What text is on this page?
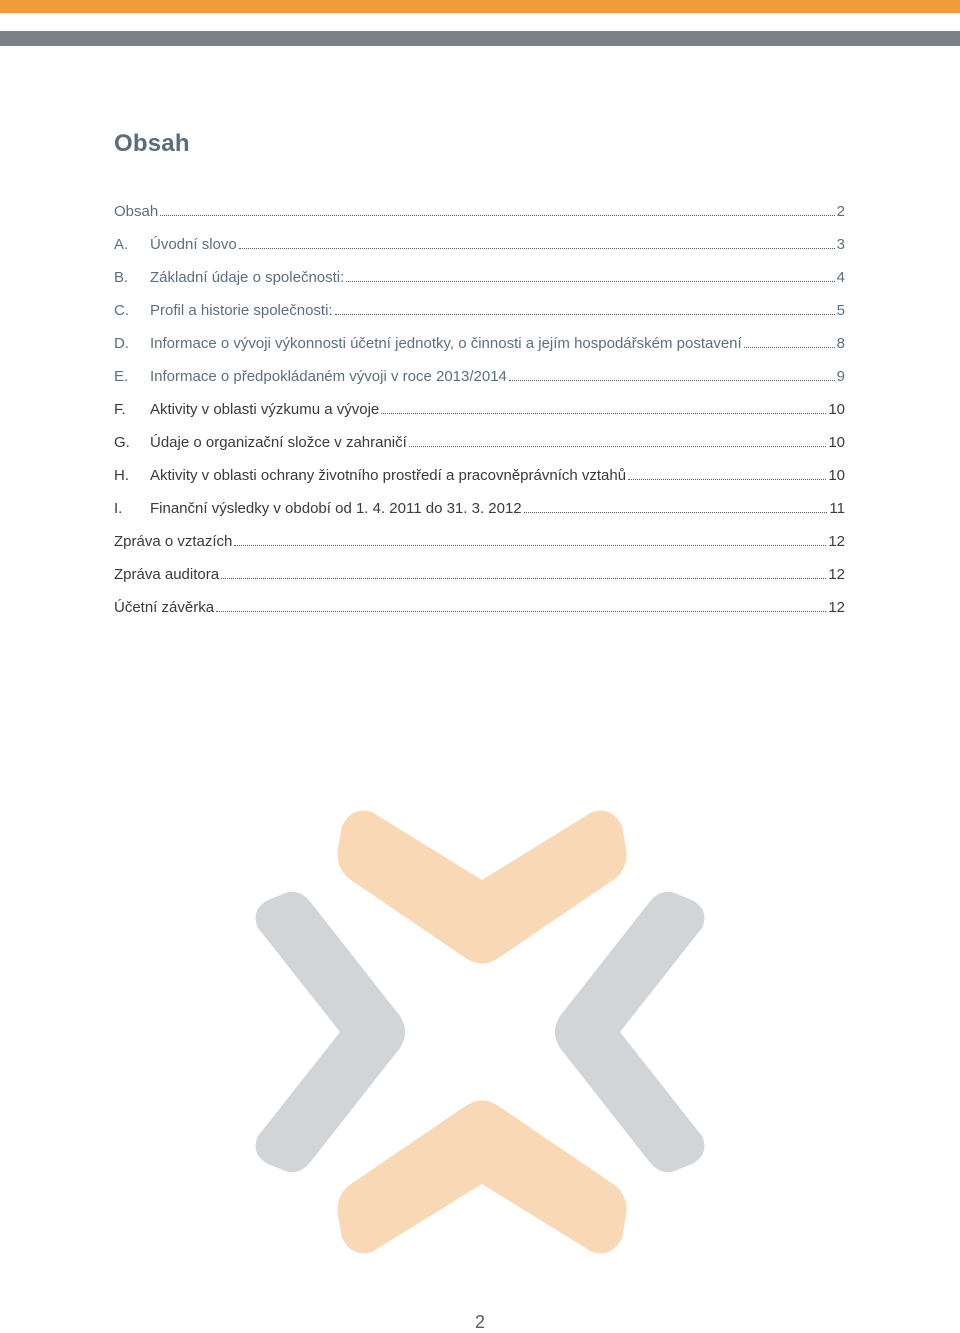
Obsah
Obsah	2
A.	Úvodní slovo	3
B.	Základní údaje o společnosti:	4
C.	Profil a historie společnosti:	5
D.	Informace o vývoji výkonnosti účetní jednotky, o činnosti a jejím hospodářském postavení	8
E.	Informace o předpokládaném vývoji v roce 2013/2014	9
F.	Aktivity v oblasti výzkumu a vývoje	10
G.	Údaje o organizační složce v zahraničí	10
H.	Aktivity v oblasti ochrany životního prostředí a pracovněprávních vztahů	10
I.	Finanční výsledky v období od 1. 4. 2011 do 31. 3. 2012	11
Zpráva o vztazích	12
Zpráva auditora	12
Účetní závěrka	12
2
